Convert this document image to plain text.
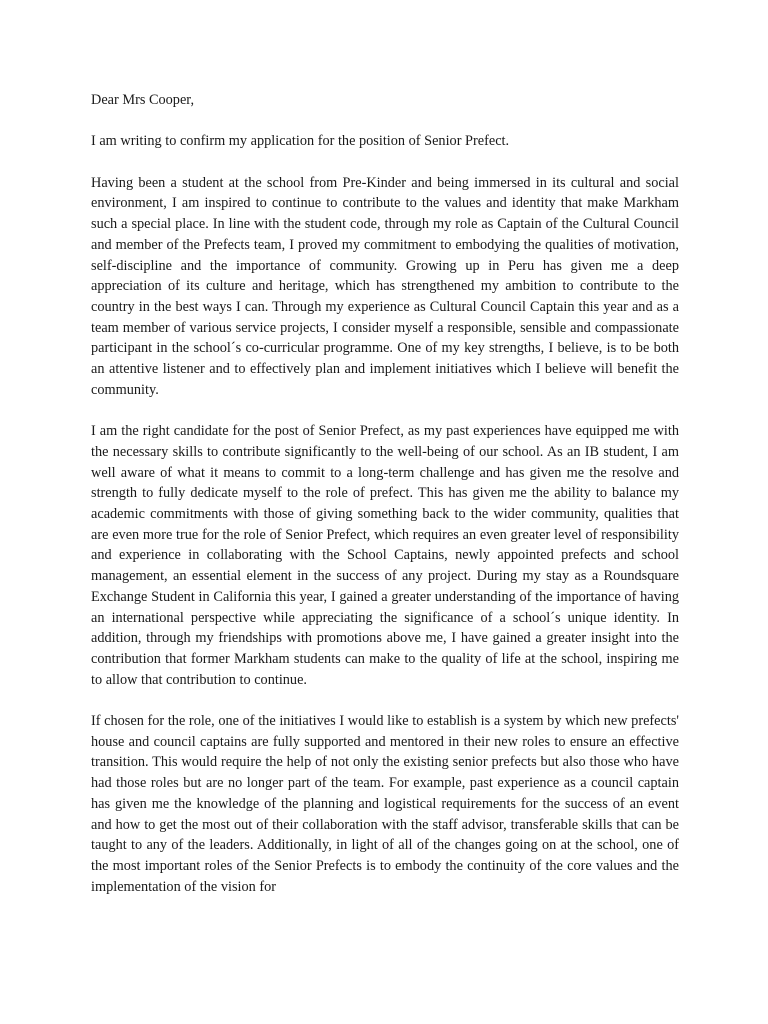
Dear Mrs Cooper,

I am writing to confirm my application for the position of Senior Prefect.

Having been a student at the school from Pre-Kinder and being immersed in its cultural and social environment, I am inspired to continue to contribute to the values and identity that make Markham such a special place. In line with the student code, through my role as Captain of the Cultural Council and member of the Prefects team, I proved my commitment to embodying the qualities of motivation, self-discipline and the importance of community. Growing up in Peru has given me a deep appreciation of its culture and heritage, which has strengthened my ambition to contribute to the country in the best ways I can. Through my experience as Cultural Council Captain this year and as a team member of various service projects, I consider myself a responsible, sensible and compassionate participant in the school´s co-curricular programme. One of my key strengths, I believe, is to be both an attentive listener and to effectively plan and implement initiatives which I believe will benefit the community.

I am the right candidate for the post of Senior Prefect, as my past experiences have equipped me with the necessary skills to contribute significantly to the well-being of our school. As an IB student, I am well aware of what it means to commit to a long-term challenge and has given me the resolve and strength to fully dedicate myself to the role of prefect. This has given me the ability to balance my academic commitments with those of giving something back to the wider community, qualities that are even more true for the role of Senior Prefect, which requires an even greater level of responsibility and experience in collaborating with the School Captains, newly appointed prefects and school management, an essential element in the success of any project. During my stay as a Roundsquare Exchange Student in California this year, I gained a greater understanding of the importance of having an international perspective while appreciating the significance of a school´s unique identity. In addition, through my friendships with promotions above me, I have gained a greater insight into the contribution that former Markham students can make to the quality of life at the school, inspiring me to allow that contribution to continue.

If chosen for the role, one of the initiatives I would like to establish is a system by which new prefects' house and council captains are fully supported and mentored in their new roles to ensure an effective transition. This would require the help of not only the existing senior prefects but also those who have had those roles but are no longer part of the team. For example, past experience as a council captain has given me the knowledge of the planning and logistical requirements for the success of an event and how to get the most out of their collaboration with the staff advisor, transferable skills that can be taught to any of the leaders. Additionally, in light of all of the changes going on at the school, one of the most important roles of the Senior Prefects is to embody the continuity of the core values and the implementation of the vision for
